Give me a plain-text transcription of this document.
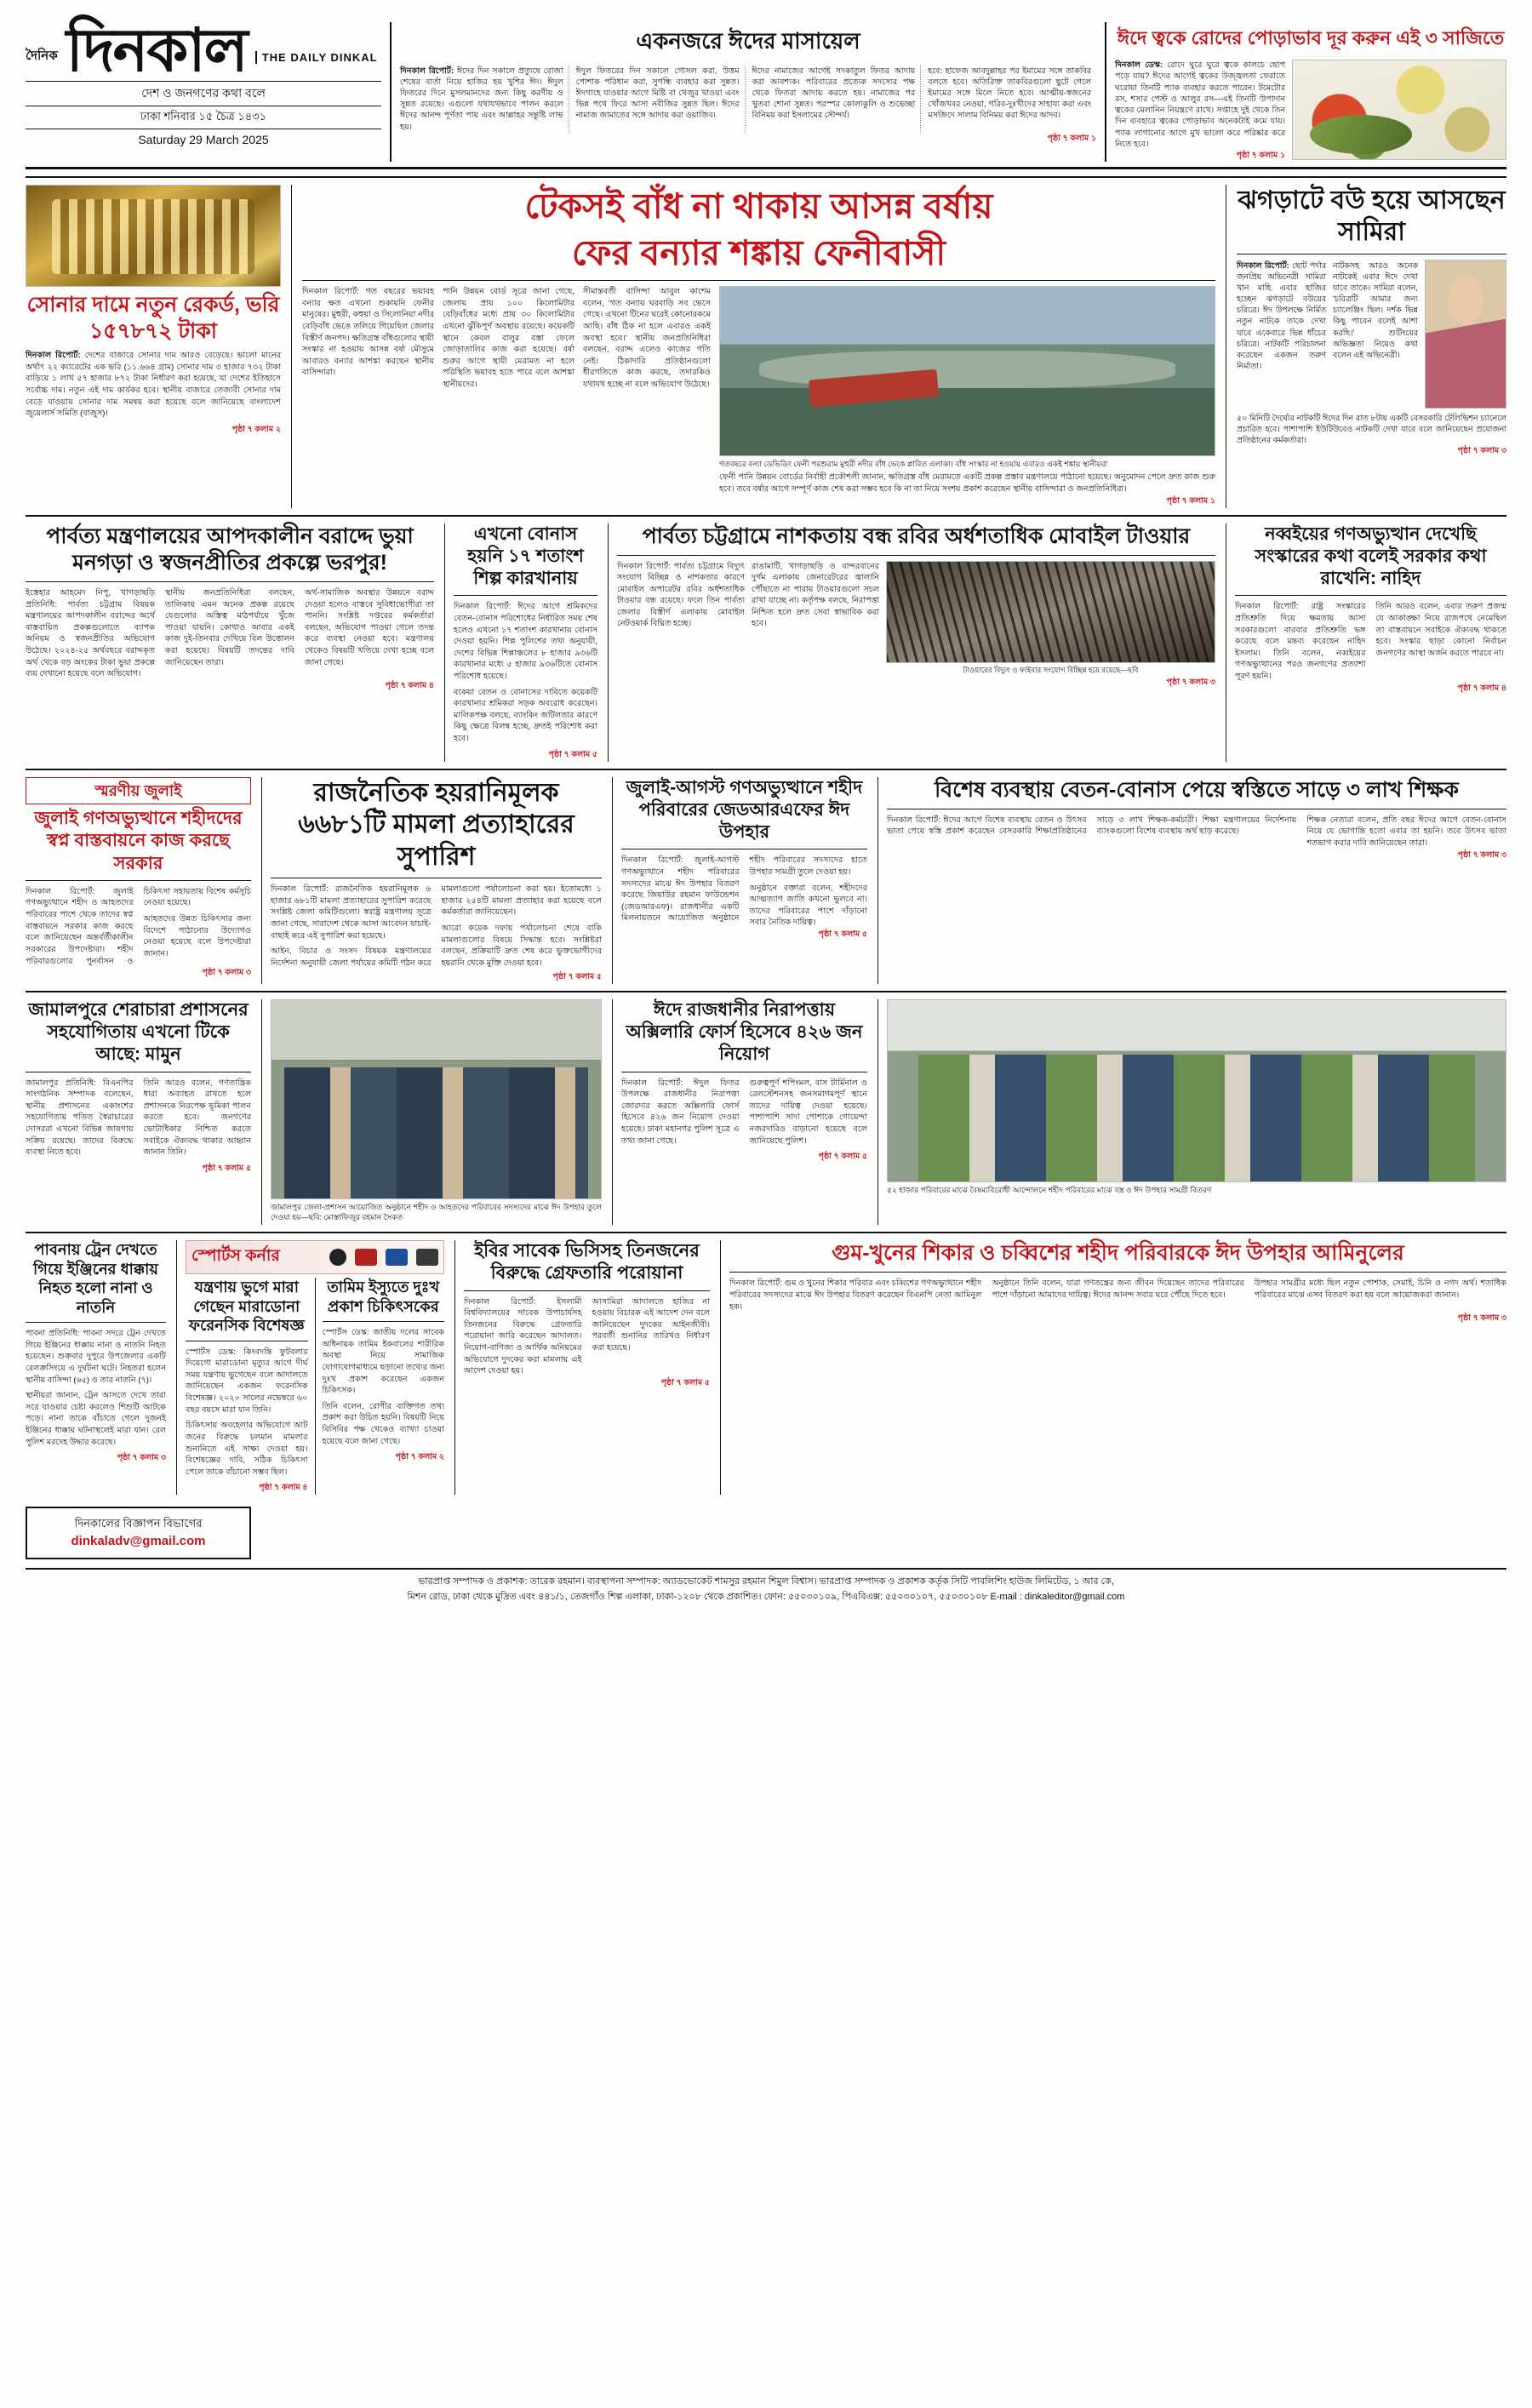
দৈনিক দিনকাল	THE DAILY DINKAL
দেশ ও জনগণের কথা বলে
ঢাকা শনিবার ১৫ চৈত্র ১৪৩১
Saturday 29 March 2025
একনজরে ঈদের মাসায়েল
দিনকাল রিপোর্ট: ঈদের দিন সকালে প্রত্যুষে রোজা শেষের বার্তা নিয়ে হাজির হয় খুশির ঈদ। ঈদুল ফিতরের দিনে মুসলমানদের জন্য কিছু করণীয় ও সুন্নত রয়েছে। এগুলো যথাযথভাবে পালন করলে ঈদের আনন্দ পূর্ণতা পায় এবং আল্লাহর সন্তুষ্টি লাভ হয়।
ঈদুল ফিতরের দিন সকালে গোসল করা, উত্তম পোশাক পরিধান করা, সুগন্ধি ব্যবহার করা সুন্নত। ঈদগাহে যাওয়ার আগে মিষ্টি বা খেজুর খাওয়া এবং ভিন্ন পথে ফিরে আসা নবীজির সুন্নত ছিল। ঈদের নামাজ জামাতের সঙ্গে আদায় করা ওয়াজিব।
ঈদের নামাজের আগেই সদকাতুল ফিতর আদায় করা আবশ্যক। পরিবারের প্রত্যেক সদস্যের পক্ষ থেকে ফিতরা আদায় করতে হয়। নামাজের পর খুতবা শোনা সুন্নত। পরস্পর কোলাকুলি ও শুভেচ্ছা বিনিময় করা ইসলামের সৌন্দর্য।
হবে: হাফেজ আবদুল্লাহর পর ইমামের সঙ্গে তাকবির বলতে হবে। অতিরিক্ত তাকবিরগুলো ছুটে গেলে ইমামের সঙ্গে মিলে নিতে হবে। আত্মীয়-স্বজনের খোঁজখবর নেওয়া, গরিব-দুঃখীদের সাহায্য করা এবং মসজিদে সালাম বিনিময় করা ঈদের আদব।
পৃষ্ঠা ৭ কলাম ১
ঈদে ত্বকে রোদের পোড়াভাব দূর করুন এই ৩ সাজিতে
দিনকাল ডেস্ক: রোদে ঘুরে ঘুরে ত্বকে কালচে ছোপ পড়ে যায়? ঈদের আগেই ত্বকের উজ্জ্বলতা ফেরাতে ঘরোয়া তিনটি প্যাক ব্যবহার করতে পারেন। টমেটোর রস, শসার পেস্ট ও আলুর রস—এই তিনটি উপাদান ত্বকের মেলানিন নিয়ন্ত্রণে রাখে। সপ্তাহে দুই থেকে তিন দিন ব্যবহারে ত্বকের পোড়াভাব অনেকটাই কমে যায়। প্যাক লাগানোর আগে মুখ ভালো করে পরিষ্কার করে নিতে হবে।
পৃষ্ঠা ৭ কলাম ১
সোনার দামে নতুন রেকর্ড, ভরি ১৫৭৮৭২ টাকা

দিনকাল রিপোর্ট: দেশের বাজারে সোনার দাম আরও বেড়েছে। ভালো মানের অর্থাৎ ২২ ক্যারেটের এক ভরি (১১.৬৬৪ গ্রাম) সোনার দাম ৩ হাজার ৭৩২ টাকা বাড়িয়ে ১ লাখ ৫৭ হাজার ৮৭২ টাকা নির্ধারণ করা হয়েছে, যা দেশের ইতিহাসে সর্বোচ্চ দাম। নতুন এই দাম কার্যকর হবে। স্থানীয় বাজারে তেজাবী সোনার দাম বেড়ে যাওয়ায় সোনার দাম সমন্বয় করা হয়েছে বলে জানিয়েছে বাংলাদেশ জুয়েলার্স সমিতি (বাজুস)।

পৃষ্ঠা ৭ কলাম ২
টেকসই বাঁধ না থাকায় আসন্ন বর্ষায়
ফের বন্যার শঙ্কায় ফেনীবাসী
দিনকাল রিপোর্ট: গত বছরের ভয়াবহ বন্যার ক্ষত এখনো শুকায়নি ফেনীর মানুষের। মুহুরী, কহুয়া ও সিলোনিয়া নদীর বেড়িবাঁধ ভেঙে তলিয়ে গিয়েছিল জেলার বিস্তীর্ণ জনপদ। ক্ষতিগ্রস্ত বাঁধগুলোর স্থায়ী সংস্কার না হওয়ায় আসন্ন বর্ষা মৌসুমে আবারও বন্যার আশঙ্কা করছেন স্থানীয় বাসিন্দারা।
পানি উন্নয়ন বোর্ড সূত্রে জানা গেছে, জেলায় প্রায় ১০০ কিলোমিটার বেড়িবাঁধের মধ্যে প্রায় ৩০ কিলোমিটার এখনো ঝুঁকিপূর্ণ অবস্থায় রয়েছে। কয়েকটি স্থানে কেবল বালুর বস্তা ফেলে জোড়াতালির কাজ করা হয়েছে। বর্ষা শুরুর আগে স্থায়ী মেরামত না হলে পরিস্থিতি ভয়াবহ হতে পারে বলে আশঙ্কা স্থানীয়দের।
সীমান্তবর্তী বাসিন্দা আবুল কাশেম বলেন, 'গত বন্যায় ঘরবাড়ি সব ভেসে গেছে। এখনো টিনের ঘরেই কোনোরকমে আছি। বাঁধ ঠিক না হলে এবারও একই অবস্থা হবে।' স্থানীয় জনপ্রতিনিধিরা বলছেন, বরাদ্দ এলেও কাজের গতি নেই। ঠিকাদারি প্রতিষ্ঠানগুলো ধীরগতিতে কাজ করছে, তদারকিও যথাযথ হচ্ছে না বলে অভিযোগ উঠেছে।
গতবছরে বন্যা ডেভিডিং ফেনী পরশুরাম মুহুরী নদীর বাঁধ ভেঙে প্লাবিত এলাকা। বাঁধ সংস্কার না হওয়ায় এবারও একই শঙ্কায় স্থানীয়রা
ফেনী পানি উন্নয়ন বোর্ডের নির্বাহী প্রকৌশলী জানান, ক্ষতিগ্রস্ত বাঁধ মেরামতে একটি প্রকল্প প্রস্তাব মন্ত্রণালয়ে পাঠানো হয়েছে। অনুমোদন পেলে দ্রুত কাজ শুরু হবে। তবে বর্ষার আগে সম্পূর্ণ কাজ শেষ করা সম্ভব হবে কি না তা নিয়ে সংশয় প্রকাশ করেছেন স্থানীয় বাসিন্দারা ও জনপ্রতিনিধিরা।
পৃষ্ঠা ৭ কলাম ১
ঝগড়াটে বউ হয়ে আসছেন সামিরা
দিনকাল রিপোর্ট: ছোট পর্দার জনপ্রিয় অভিনেত্রী সামিরা খান মাহি এবার হাজির হচ্ছেন ঝগড়াটে বউয়ের চরিত্রে। ঈদ উপলক্ষে নির্মিত নতুন নাটকে তাকে দেখা যাবে একেবারে ভিন্ন ধাঁচের চরিত্রে। নাটকটি পরিচালনা করেছেন একজন তরুণ নির্মাতা।
নাটকসহ আরও অনেক নাটকেই এবার ঈদে দেখা যাবে তাকে। সামিরা বলেন, 'চরিত্রটি আমার জন্য চ্যালেঞ্জিং ছিল। দর্শক ভিন্ন কিছু পাবেন বলেই আশা করছি।' শুটিংয়ের অভিজ্ঞতা নিয়েও কথা বলেন এই অভিনেত্রী।
৫০ মিনিটি দৈর্ঘ্যের নাটকটি ঈদের দিন রাত ৮টায় একটি বেসরকারি টেলিভিশন চ্যানেলে প্রচারিত হবে। পাশাপাশি ইউটিউবেও নাটকটি দেখা যাবে বলে জানিয়েছেন প্রযোজনা প্রতিষ্ঠানের কর্মকর্তারা।
পৃষ্ঠা ৭ কলাম ৩
পার্বত্য মন্ত্রণালয়ের আপদকালীন বরাদ্দে ভুয়া মনগড়া ও স্বজনপ্রীতির প্রকল্পে ভরপুর!

ইস্তেহার আহমেদ নিপু, খাগড়াছড়ি প্রতিনিধি: পার্বত্য চট্টগ্রাম বিষয়ক মন্ত্রণালয়ের আপদকালীন বরাদ্দের অর্থে বাস্তবায়িত প্রকল্পগুলোতে ব্যাপক অনিয়ম ও স্বজনপ্রীতির অভিযোগ উঠেছে। ২০২৪-২৫ অর্থবছরে বরাদ্দকৃত অর্থ থেকে বড় অংকের টাকা ভুয়া প্রকল্পে ব্যয় দেখানো হয়েছে বলে অভিযোগ।

স্থানীয় জনপ্রতিনিধিরা বলছেন, তালিকায় এমন অনেক প্রকল্প রয়েছে যেগুলোর অস্তিত্ব মাঠপর্যায়ে খুঁজে পাওয়া যায়নি। কোথাও আবার একই কাজ দুই-তিনবার দেখিয়ে বিল উত্তোলন করা হয়েছে। বিষয়টি তদন্তের দাবি জানিয়েছেন তারা।

অর্থ-সামাজিক অবস্থার উন্নয়নে বরাদ্দ দেওয়া হলেও বাস্তবে সুবিধাভোগীরা তা পাননি। সংশ্লিষ্ট দপ্তরের কর্মকর্তারা বলছেন, অভিযোগ পাওয়া গেলে তদন্ত করে ব্যবস্থা নেওয়া হবে। মন্ত্রণালয় থেকেও বিষয়টি খতিয়ে দেখা হচ্ছে বলে জানা গেছে।

পৃষ্ঠা ৭ কলাম ৪
এখনো বোনাস হয়নি ১৭ শতাংশ শিল্প কারখানায়

দিনকাল রিপোর্ট: ঈদের আগে শ্রমিকদের বেতন-বোনাস পরিশোধের নির্ধারিত সময় শেষ হলেও এখনো ১৭ শতাংশ কারখানায় বোনাস দেওয়া হয়নি। শিল্প পুলিশের তথ্য অনুযায়ী, দেশের বিভিন্ন শিল্পাঞ্চলের ৮ হাজার ৯৩৬টি কারখানার মধ্যে ৫ হাজার ৯৩৬টিতে বোনাস পরিশোধ হয়েছে।

বকেয়া বেতন ও বোনাসের দাবিতে কয়েকটি কারখানার শ্রমিকরা সড়ক অবরোধ করেছেন। মালিকপক্ষ বলছে, ব্যাংকিং জটিলতার কারণে কিছু ক্ষেত্রে বিলম্ব হচ্ছে, দ্রুতই পরিশোধ করা হবে।

পৃষ্ঠা ৭ কলাম ৫
পার্বত্য চট্টগ্রামে নাশকতায় বন্ধ রবির অর্ধশতাধিক মোবাইল টাওয়ার
দিনকাল রিপোর্ট: পার্বত্য চট্টগ্রামে বিদ্যুৎ সংযোগ বিচ্ছিন্ন ও নাশকতার কারণে মোবাইল অপারেটর রবির অর্ধশতাধিক টাওয়ার বন্ধ রয়েছে। ফলে তিন পার্বত্য জেলার বিস্তীর্ণ এলাকায় মোবাইল নেটওয়ার্ক বিঘ্নিত হচ্ছে।
রাঙামাটি, খাগড়াছড়ি ও বান্দরবানের দুর্গম এলাকায় জেনারেটরের জ্বালানি পৌঁছাতে না পারায় টাওয়ারগুলো সচল রাখা যাচ্ছে না। কর্তৃপক্ষ বলছে, নিরাপত্তা নিশ্চিত হলে দ্রুত সেবা স্বাভাবিক করা হবে।
টাওয়ারের বিদ্যুৎ ও ফাইবার সংযোগ বিচ্ছিন্ন হয়ে রয়েছে—ছবি
পৃষ্ঠা ৭ কলাম ৩
নব্বইয়ের গণঅভ্যুত্থান দেখেছি সংস্কারের কথা বলেই সরকার কথা রাখেনি: নাহিদ

দিনকাল রিপোর্ট: রাষ্ট্র সংস্কারের প্রতিশ্রুতি দিয়ে ক্ষমতায় আসা সরকারগুলো বারবার প্রতিশ্রুতি ভঙ্গ করেছে বলে মন্তব্য করেছেন নাহিদ ইসলাম। তিনি বলেন, নব্বইয়ের গণঅভ্যুত্থানের পরও জনগণের প্রত্যাশা পূরণ হয়নি।

তিনি আরও বলেন, এবার তরুণ প্রজন্ম যে আকাঙ্ক্ষা নিয়ে রাজপথে নেমেছিল তা বাস্তবায়নে সবাইকে ঐক্যবদ্ধ থাকতে হবে। সংস্কার ছাড়া কোনো নির্বাচন জনগণের আস্থা অর্জন করতে পারবে না।

পৃষ্ঠা ৭ কলাম ৪
স্মরণীয় জুলাই
জুলাই গণঅভ্যুত্থানে শহীদদের স্বপ্ন বাস্তবায়নে কাজ করছে সরকার

দিনকাল রিপোর্ট: জুলাই গণঅভ্যুত্থানে শহীদ ও আহতদের পরিবারের পাশে থেকে তাদের স্বপ্ন বাস্তবায়নে সরকার কাজ করছে বলে জানিয়েছেন অন্তর্বর্তীকালীন সরকারের উপদেষ্টারা। শহীদ পরিবারগুলোর পুনর্বাসন ও চিকিৎসা সহায়তায় বিশেষ কর্মসূচি নেওয়া হয়েছে।

আহতদের উন্নত চিকিৎসার জন্য বিদেশে পাঠানোর উদ্যোগও নেওয়া হয়েছে বলে উপদেষ্টারা জানান।

পৃষ্ঠা ৭ কলাম ৩
রাজনৈতিক হয়রানিমূলক ৬৬৮১টি মামলা প্রত্যাহারের সুপারিশ

দিনকাল রিপোর্ট: রাজনৈতিক হয়রানিমূলক ৬ হাজার ৬৮১টি মামলা প্রত্যাহারের সুপারিশ করেছে সংশ্লিষ্ট জেলা কমিটিগুলো। স্বরাষ্ট্র মন্ত্রণালয় সূত্রে জানা গেছে, সারাদেশ থেকে আসা আবেদন যাচাই-বাছাই করে এই সুপারিশ করা হয়েছে।

আইন, বিচার ও সংসদ বিষয়ক মন্ত্রণালয়ের নির্দেশনা অনুযায়ী জেলা পর্যায়ের কমিটি গঠন করে মামলাগুলো পর্যালোচনা করা হয়। ইতোমধ্যে ১ হাজার ২৫৪টি মামলা প্রত্যাহার করা হয়েছে বলে কর্মকর্তারা জানিয়েছেন।

আরো কয়েক দফায় পর্যালোচনা শেষে বাকি মামলাগুলোর বিষয়ে সিদ্ধান্ত হবে। সংশ্লিষ্টরা বলছেন, প্রক্রিয়াটি দ্রুত শেষ করে ভুক্তভোগীদের হয়রানি থেকে মুক্তি দেওয়া হবে।

পৃষ্ঠা ৭ কলাম ৫
জুলাই-আগস্ট গণঅভ্যুত্থানে শহীদ পরিবারের জেডআরএফের ঈদ উপহার

দিনকাল রিপোর্ট: জুলাই-আগস্ট গণঅভ্যুত্থানে শহীদ পরিবারের সদস্যদের মাঝে ঈদ উপহার বিতরণ করেছে জিয়াউর রহমান ফাউন্ডেশন (জেডআরএফ)। রাজধানীর একটি মিলনায়তনে আয়োজিত অনুষ্ঠানে শহীদ পরিবারের সদস্যদের হাতে উপহার সামগ্রী তুলে দেওয়া হয়।

অনুষ্ঠানে বক্তারা বলেন, শহীদদের আত্মত্যাগ জাতি কখনো ভুলবে না। তাদের পরিবারের পাশে দাঁড়ানো সবার নৈতিক দায়িত্ব।

পৃষ্ঠা ৭ কলাম ৫
বিশেষ ব্যবস্থায় বেতন-বোনাস পেয়ে স্বস্তিতে সাড়ে ৩ লাখ শিক্ষক

দিনকাল রিপোর্ট: ঈদের আগে বিশেষ ব্যবস্থায় বেতন ও উৎসব ভাতা পেয়ে স্বস্তি প্রকাশ করেছেন বেসরকারি শিক্ষাপ্রতিষ্ঠানের সাড়ে ৩ লাখ শিক্ষক-কর্মচারী। শিক্ষা মন্ত্রণালয়ের নির্দেশনায় ব্যাংকগুলো বিশেষ ব্যবস্থায় অর্থ ছাড় করেছে।

শিক্ষক নেতারা বলেন, প্রতি বছর ঈদের আগে বেতন-বোনাস নিয়ে যে ভোগান্তি হতো এবার তা হয়নি। তবে উৎসব ভাতা শতভাগ করার দাবি জানিয়েছেন তারা।

পৃষ্ঠা ৭ কলাম ৩
জামালপুরে শেরাচারা প্রশাসনের সহযোগিতায় এখনো টিকে আছে: মামুন

জামালপুর প্রতিনিধি: বিএনপির সাংগঠনিক সম্পাদক বলেছেন, স্থানীয় প্রশাসনের একাংশের সহযোগিতায় পতিত স্বৈরাচারের দোসররা এখনো বিভিন্ন জায়গায় সক্রিয় রয়েছে। তাদের বিরুদ্ধে ব্যবস্থা নিতে হবে।

তিনি আরও বলেন, গণতান্ত্রিক ধারা অব্যাহত রাখতে হলে প্রশাসনকে নিরপেক্ষ ভূমিকা পালন করতে হবে। জনগণের ভোটাধিকার নিশ্চিত করতে সবাইকে ঐক্যবদ্ধ থাকার আহ্বান জানান তিনি।

পৃষ্ঠা ৭ কলাম ৫
জামালপুর জেলা-প্রশাসন আয়োজিত অনুষ্ঠানে শহীদ ও আহতদের পরিবারের সদস্যদের মাঝে ঈদ উপহার তুলে দেওয়া হয়—ছবি: মোস্তাফিজুর রহমান সৈকত
ঈদে রাজধানীর নিরাপত্তায় অক্সিলারি ফোর্স হিসেবে ৪২৬ জন নিয়োগ

দিনকাল রিপোর্ট: ঈদুল ফিতর উপলক্ষে রাজধানীর নিরাপত্তা জোরদার করতে অক্সিলারি ফোর্স হিসেবে ৪২৬ জন নিয়োগ দেওয়া হয়েছে। ঢাকা মহানগর পুলিশ সূত্রে এ তথ্য জানা গেছে।

গুরুত্বপূর্ণ শপিংমল, বাস টার্মিনাল ও রেলস্টেশনসহ জনসমাগমপূর্ণ স্থানে তাদের দায়িত্ব দেওয়া হয়েছে। পাশাপাশি সাদা পোশাকে গোয়েন্দা নজরদারিও বাড়ানো হয়েছে বলে জানিয়েছে পুলিশ।

পৃষ্ঠা ৭ কলাম ৫
৫২ হাজার পরিবারের মাঝে বৈষম্যবিরোধী আন্দোলনে শহীদ পরিবারের মাঝে বস্ত্র ও ঈদ উপহার সামগ্রী বিতরণ
পাবনায় ট্রেন দেখতে গিয়ে ইঞ্জিনের ধাক্কায় নিহত হলো নানা ও নাতনি

পাবনা প্রতিনিধি: পাবনা সদরে ট্রেন দেখতে গিয়ে ইঞ্জিনের ধাক্কায় নানা ও নাতনি নিহত হয়েছেন। শুক্রবার দুপুরে উপজেলার একটি রেলক্রসিংয়ে এ দুর্ঘটনা ঘটে। নিহতরা হলেন স্থানীয় বাসিন্দা (৬৫) ও তার নাতনি (৭)।

স্থানীয়রা জানান, ট্রেন আসতে দেখে তারা সরে যাওয়ার চেষ্টা করলেও শিশুটি আটকে পড়ে। নানা তাকে বাঁচাতে গেলে দুজনই ইঞ্জিনের ধাক্কায় ঘটনাস্থলেই মারা যান। রেল পুলিশ মরদেহ উদ্ধার করেছে।

পৃষ্ঠা ৭ কলাম ৩
স্পোর্টস কর্নার
যন্ত্রণায় ভুগে মারা গেছেন মারাডোনা ফরেনসিক বিশেষজ্ঞ

স্পোর্টস ডেস্ক: কিংবদন্তি ফুটবলার দিয়েগো মারাডোনা মৃত্যুর আগে দীর্ঘ সময় যন্ত্রণায় ভুগেছেন বলে আদালতে জানিয়েছেন একজন ফরেনসিক বিশেষজ্ঞ। ২০২০ সালের নভেম্বরে ৬০ বছর বয়সে মারা যান তিনি।

চিকিৎসায় অবহেলার অভিযোগে আট জনের বিরুদ্ধে চলমান মামলার শুনানিতে এই সাক্ষ্য দেওয়া হয়। বিশেষজ্ঞের দাবি, সঠিক চিকিৎসা পেলে তাকে বাঁচানো সম্ভব ছিল।

পৃষ্ঠা ৭ কলাম ৪
তামিম ইস্যুতে দুঃখ প্রকাশ চিকিৎসকের

স্পোর্টস ডেস্ক: জাতীয় দলের সাবেক অধিনায়ক তামিম ইকবালের শারীরিক অবস্থা নিয়ে সামাজিক যোগাযোগমাধ্যমে ছড়ানো তথ্যের জন্য দুঃখ প্রকাশ করেছেন একজন চিকিৎসক।

তিনি বলেন, রোগীর ব্যক্তিগত তথ্য প্রকাশ করা উচিত হয়নি। বিষয়টি নিয়ে বিসিবির পক্ষ থেকেও ব্যাখ্যা চাওয়া হয়েছে বলে জানা গেছে।

পৃষ্ঠা ৭ কলাম ২
ইবির সাবেক ভিসিসহ তিনজনের বিরুদ্ধে গ্রেফতারি পরোয়ানা

দিনকাল রিপোর্ট: ইসলামী বিশ্ববিদ্যালয়ের সাবেক উপাচার্যসহ তিনজনের বিরুদ্ধে গ্রেফতারি পরোয়ানা জারি করেছেন আদালত। নিয়োগ-বাণিজ্য ও আর্থিক অনিয়মের অভিযোগে দুদকের করা মামলায় এই আদেশ দেওয়া হয়।

আসামিরা আদালতে হাজির না হওয়ায় বিচারক এই আদেশ দেন বলে জানিয়েছেন দুদকের আইনজীবী। পরবর্তী শুনানির তারিখও নির্ধারণ করা হয়েছে।

পৃষ্ঠা ৭ কলাম ৫
গুম-খুনের শিকার ও চব্বিশের শহীদ পরিবারকে ঈদ উপহার আমিনুলের

দিনকাল রিপোর্ট: গুম ও খুনের শিকার পরিবার এবং চব্বিশের গণঅভ্যুত্থানে শহীদ পরিবারের সদস্যদের মাঝে ঈদ উপহার বিতরণ করেছেন বিএনপি নেতা আমিনুল হক।

অনুষ্ঠানে তিনি বলেন, যারা গণতন্ত্রের জন্য জীবন দিয়েছেন তাদের পরিবারের পাশে দাঁড়ানো আমাদের দায়িত্ব। ঈদের আনন্দ সবার ঘরে পৌঁছে দিতে হবে।

উপহার সামগ্রীর মধ্যে ছিল নতুন পোশাক, সেমাই, চিনি ও নগদ অর্থ। শতাধিক পরিবারের মাঝে এসব বিতরণ করা হয় বলে আয়োজকরা জানান।

পৃষ্ঠা ৭ কলাম ৩
দিনকালের বিজ্ঞাপন বিভাগের
dinkaladv@gmail.com
ভারপ্রাপ্ত সম্পাদক ও প্রকাশক: তারেক রহমান। ব্যবস্থাপনা সম্পাদক: অ্যাডভোকেট শামসুর রহমান শিমুল বিশ্বাস। ভারপ্রাপ্ত সম্পাদক ও প্রকাশক কর্তৃক সিটি পাবলিশিং হাউজ লিমিটেড, ১ আর কে,
মিশন রোড, ঢাকা থেকে মুদ্রিত এবং ৪৪১/১, তেজগাঁও শিল্প এলাকা, ঢাকা-১২০৮ থেকে প্রকাশিত। ফোন: ৫৫০৩০১০৯, পিএবিএক্স: ৫৫০৩০১০৭, ৫৫০৩০১০৮ E-mail : dinkaleditor@gmail.com
